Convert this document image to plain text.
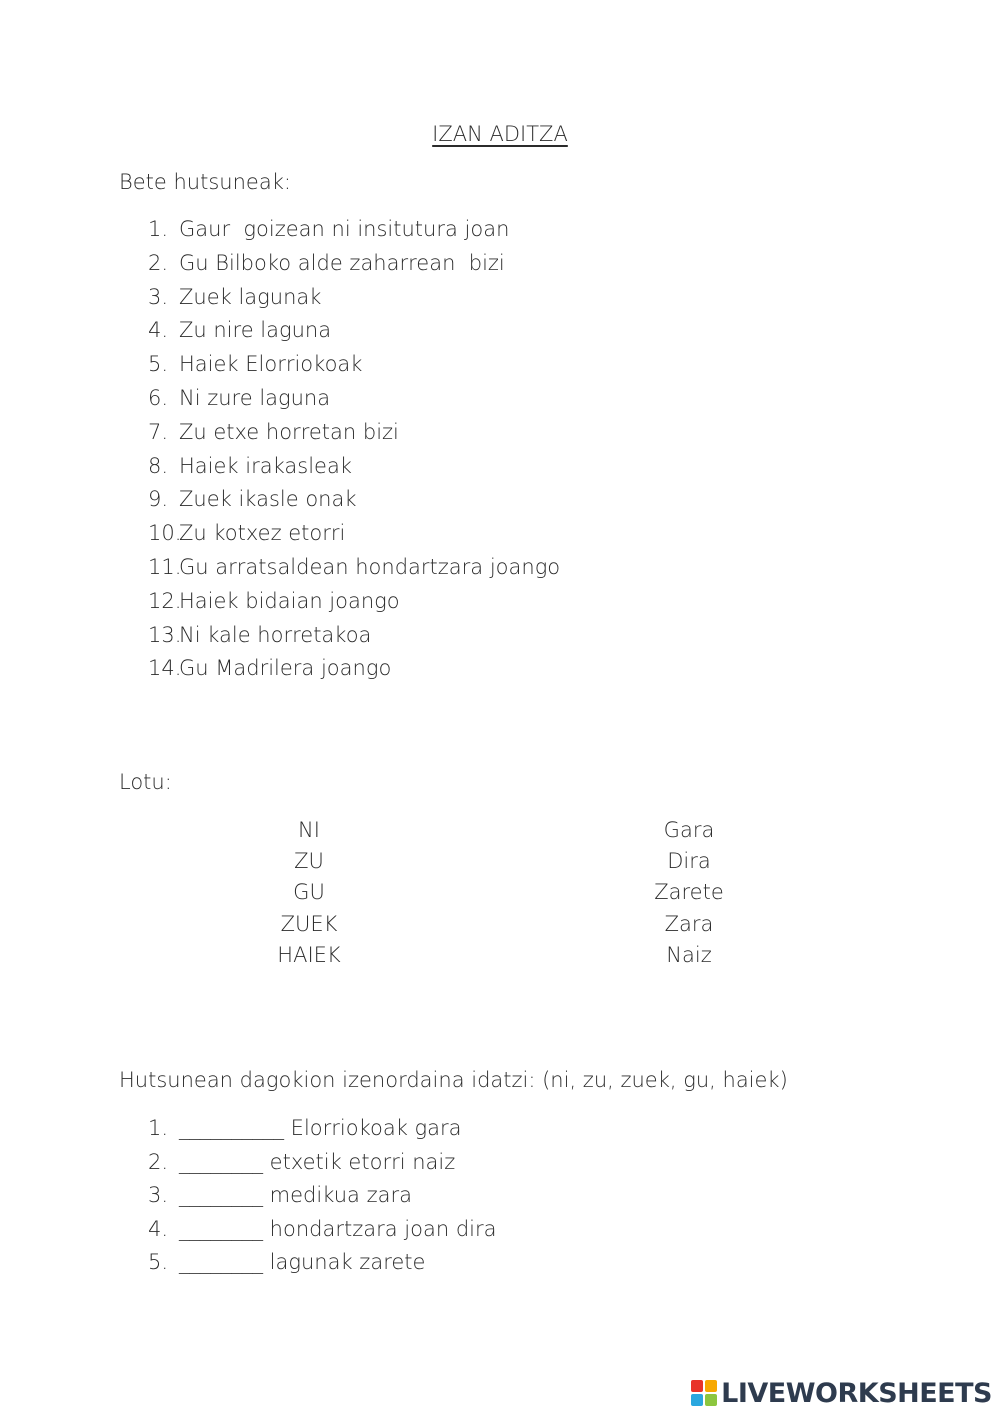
IZAN ADITZA
Bete hutsuneak:
1. Gaur  goizean ni insitutura joan
2. Gu Bilboko alde zaharrean  bizi
3. Zuek lagunak
4. Zu nire laguna
5. Haiek Elorriokoak
6. Ni zure laguna
7. Zu etxe horretan bizi
8. Haiek irakasleak
9. Zuek ikasle onak
10.Zu kotxez etorri
11.Gu arratsaldean hondartzara joango
12.Haiek bidaian joango
13.Ni kale horretakoa
14.Gu Madrilera joango
Lotu:
NI
ZU
GU
ZUEK
HAIEK
Gara
Dira
Zarete
Zara
Naiz
Hutsunean dagokion izenordaina idatzi: (ni, zu, zuek, gu, haiek)
1. __________ Elorriokoak gara
2. ________ etxetik etorri naiz
3. ________ medikua zara
4. ________ hondartzara joan dira
5. ________ lagunak zarete
LIVEWORKSHEETS
